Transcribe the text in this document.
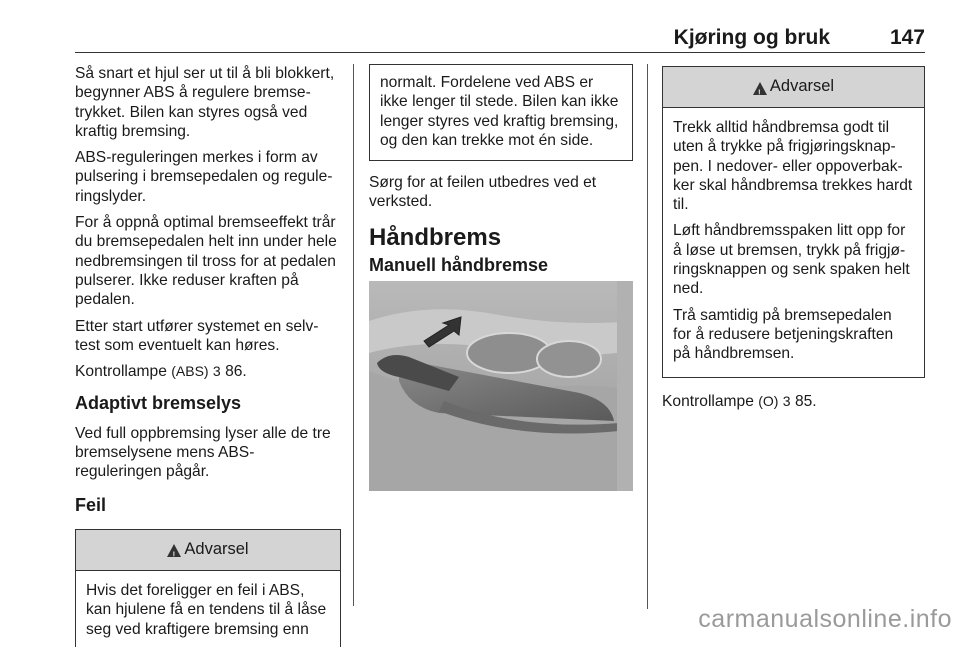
Kjøring og bruk	147

Så snart et hjul ser ut til å bli blokkert, begynner ABS å regulere bremse-trykket. Bilen kan styres også ved kraftig bremsing.

ABS-reguleringen merkes i form av pulsering i bremsepedalen og regule-ringslyder.

For å oppnå optimal bremseeffekt trår du bremsepedalen helt inn under hele nedbremsingen til tross for at pedalen pulserer. Ikke reduser kraften på pedalen.

Etter start utfører systemet en selv-test som eventuelt kan høres.

Kontrollampe (ABS) 3 86.

Adaptivt bremselys

Ved full oppbremsing lyser alle de tre bremselysene mens ABS-reguleringen pågår.

Feil
!
Advarsel
Hvis det foreligger en feil i ABS, kan hjulene få en tendens til å låse seg ved kraftigere bremsing enn
normalt. Fordelene ved ABS er ikke lenger til stede. Bilen kan ikke lenger styres ved kraftig bremsing, og den kan trekke mot én side.

Sørg for at feilen utbedres ved et verksted.

Håndbrems
Manuell håndbremse
!
Advarsel

Trekk alltid håndbremsa godt til uten å trykke på frigjøringsknap-pen. I nedover- eller oppoverbak-ker skal håndbremsa trekkes hardt til.

Løft håndbremsspaken litt opp for å løse ut bremsen, trykk på frigjø-ringsknappen og senk spaken helt ned.

Trå samtidig på bremsepedalen for å redusere betjeningskraften på håndbremsen.

Kontrollampe (O) 3 85.

carmanualsonline.info
